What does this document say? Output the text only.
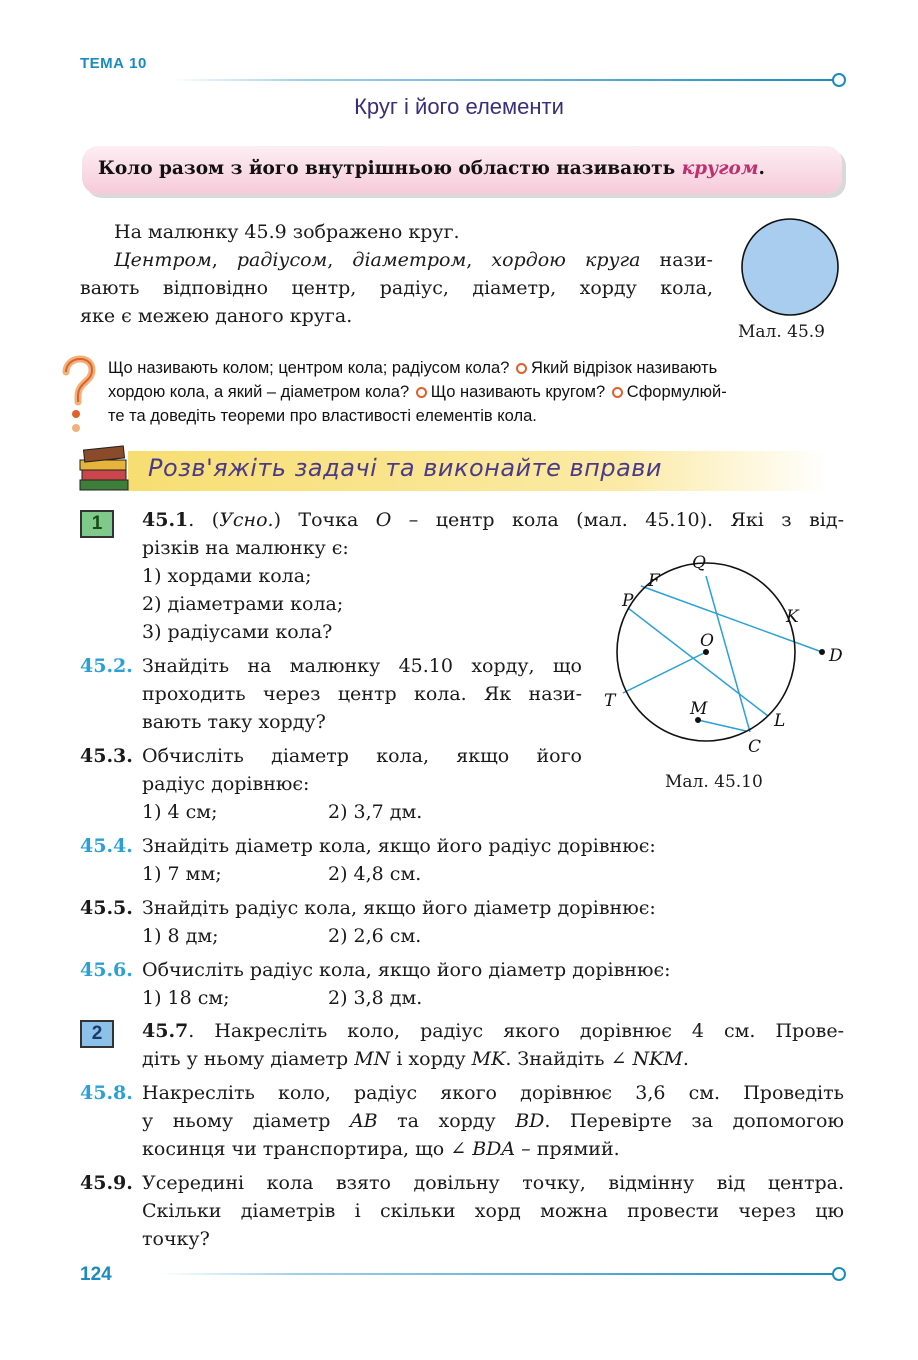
ТЕМА 10
Круг і його елементи
Коло разом з його внутрішньою областю називають кругом.
На малюнку 45.9 зображено круг.
Центром, радіусом, діаметром, хордою круга нази-
вають відповідно центр, радіус, діаметр, хорду кола,
яке є межею даного круга.
Мал. 45.9
Що називають колом; центром кола; радіусом кола? Який відрізок називають
хордою кола, а який – діаметром кола? Що називають кругом? Сформулюй-
те та доведіть теореми про властивості елементів кола.
Розв'яжіть задачі та виконайте вправи
1	45.1. (Усно.) Точка O – центр кола (мал. 45.10). Які з від-
різків на малюнку є:
1) хордами кола;
2) діаметрами кола;
3) радіусами кола?
45.2. Знайдіть на малюнку 45.10 хорду, що
проходить через центр кола. Як нази-
вають таку хорду?
45.3. Обчисліть діаметр кола, якщо його
радіус дорівнює:
1) 4 см;	2) 3,7 дм.
Q
F
P
K
D
O
T	M
L
C
Мал. 45.10
45.4. Знайдіть діаметр кола, якщо його радіус дорівнює:
1) 7 мм;	2) 4,8 см.
45.5. Знайдіть радіус кола, якщо його діаметр дорівнює:
1) 8 дм;	2) 2,6 см.
45.6. Обчисліть радіус кола, якщо його діаметр дорівнює:
1) 18 см;	2) 3,8 дм.
2	45.7. Накресліть коло, радіус якого дорівнює 4 см. Прове-
діть у ньому діаметр MN і хорду MK. Знайдіть ∠ NKM.
45.8. Накресліть коло, радіус якого дорівнює 3,6 см. Проведіть
у ньому діаметр AB та хорду BD. Перевірте за допомогою
косинця чи транспортира, що ∠ BDA – прямий.
45.9. Усередині кола взято довільну точку, відмінну від центра.
Скільки діаметрів і скільки хорд можна провести через цю
точку?
124
